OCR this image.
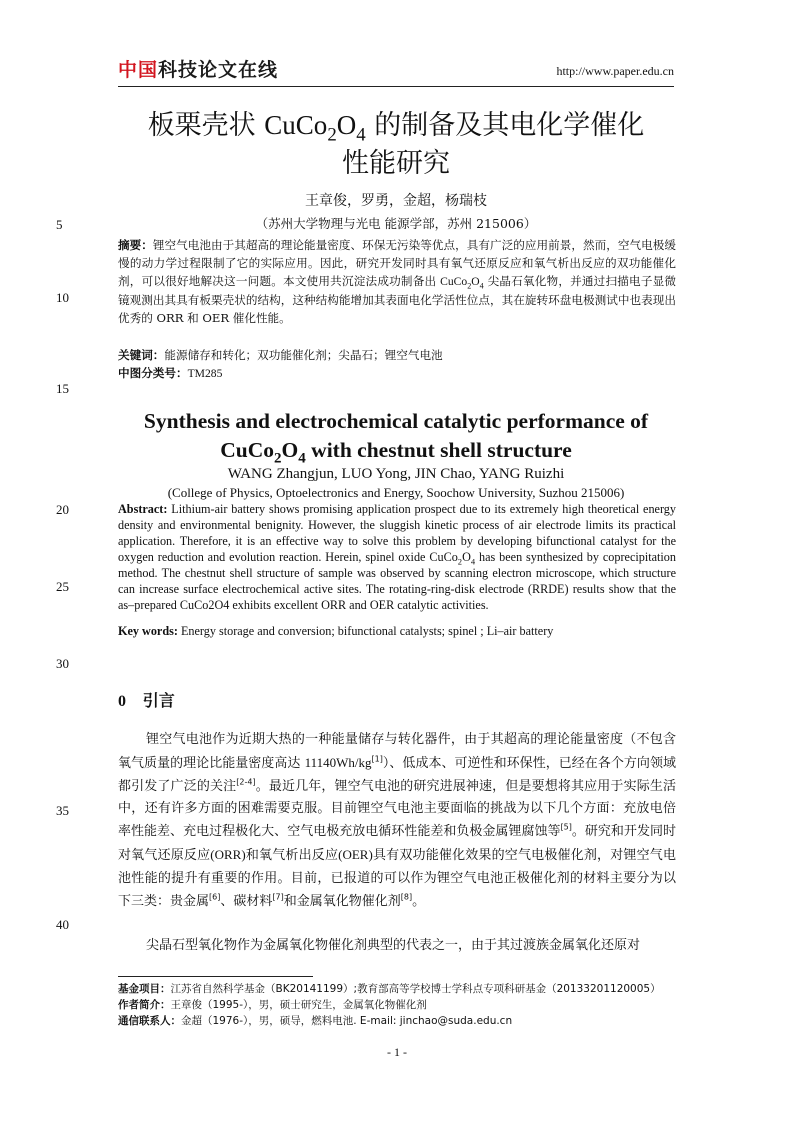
中国科技论文在线	http://www.paper.edu.cn
5
10
15
20
25
30
35
40
板栗壳状 $CuCo_2O_4$ 的制备及其电化学催化
性能研究
王章俊，罗勇，金超，杨瑞枝
（苏州大学物理与光电 能源学部，苏州 215006）
摘要：锂空气电池由于其超高的理论能量密度、环保无污染等优点，具有广泛的应用前景，然而，空气电极缓慢的动力学过程限制了它的实际应用。因此，研究开发同时具有氧气还原反应和氧气析出反应的双功能催化剂，可以很好地解决这一问题。本文使用共沉淀法成功制备出 $CuCo_2O_4$ 尖晶石氧化物，并通过扫描电子显微镜观测出其具有板栗壳状的结构，这种结构能增加其表面电化学活性位点，其在旋转环盘电极测试中也表现出优秀的 ORR 和 OER 催化性能。
关键词：能源储存和转化；双功能催化剂；尖晶石；锂空气电池
中图分类号：TM285
Synthesis and electrochemical catalytic performance of
$CuCo_2O_4$ with chestnut shell structure
WANG Zhangjun, LUO Yong, JIN Chao, YANG Ruizhi
(College of Physics, Optoelectronics and Energy, Soochow University, Suzhou 215006)
Abstract: Lithium-air battery shows promising application prospect due to its extremely high theoretical energy density and environmental benignity. However, the sluggish kinetic process of air electrode limits its practical application. Therefore, it is an effective way to solve this problem by developing bifunctional catalyst for the oxygen reduction and evolution reaction. Herein, spinel oxide $CuCo_2O_4$ has been synthesized by coprecipitation method. The chestnut shell structure of sample was observed by scanning electron microscope, which structure can increase surface electrochemical active sites. The rotating-ring-disk electrode (RRDE) results show that the as–prepared CuCo2O4 exhibits excellent ORR and OER catalytic activities.
Key words: Energy storage and conversion; bifunctional catalysts; spinel ; Li–air battery
0 引言
锂空气电池作为近期大热的一种能量储存与转化器件，由于其超高的理论能量密度（不包含氧气质量的理论比能量密度高达 11140Wh/kg[1]）、低成本、可逆性和环保性，已经在各个方向领域都引发了广泛的关注[2-4]。最近几年，锂空气电池的研究进展神速，但是要想将其应用于实际生活中，还有许多方面的困难需要克服。目前锂空气电池主要面临的挑战为以下几个方面：充放电倍率性能差、充电过程极化大、空气电极充放电循环性能差和负极金属锂腐蚀等[5]。研究和开发同时对氧气还原反应(ORR)和氧气析出反应(OER)具有双功能催化效果的空气电极催化剂，对锂空气电池性能的提升有重要的作用。目前，已报道的可以作为锂空气电池正极催化剂的材料主要分为以下三类：贵金属[6]、碳材料[7]和金属氧化物催化剂[8]。
尖晶石型氧化物作为金属氧化物催化剂典型的代表之一，由于其过渡族金属氧化还原对
基金项目：江苏省自然科学基金（BK20141199）;教育部高等学校博士学科点专项科研基金（20133201120005）
作者简介：王章俊（1995-），男，硕士研究生，金属氧化物催化剂
通信联系人：金超（1976-），男，硕导，燃料电池. E-mail: jinchao@suda.edu.cn
- 1 -
